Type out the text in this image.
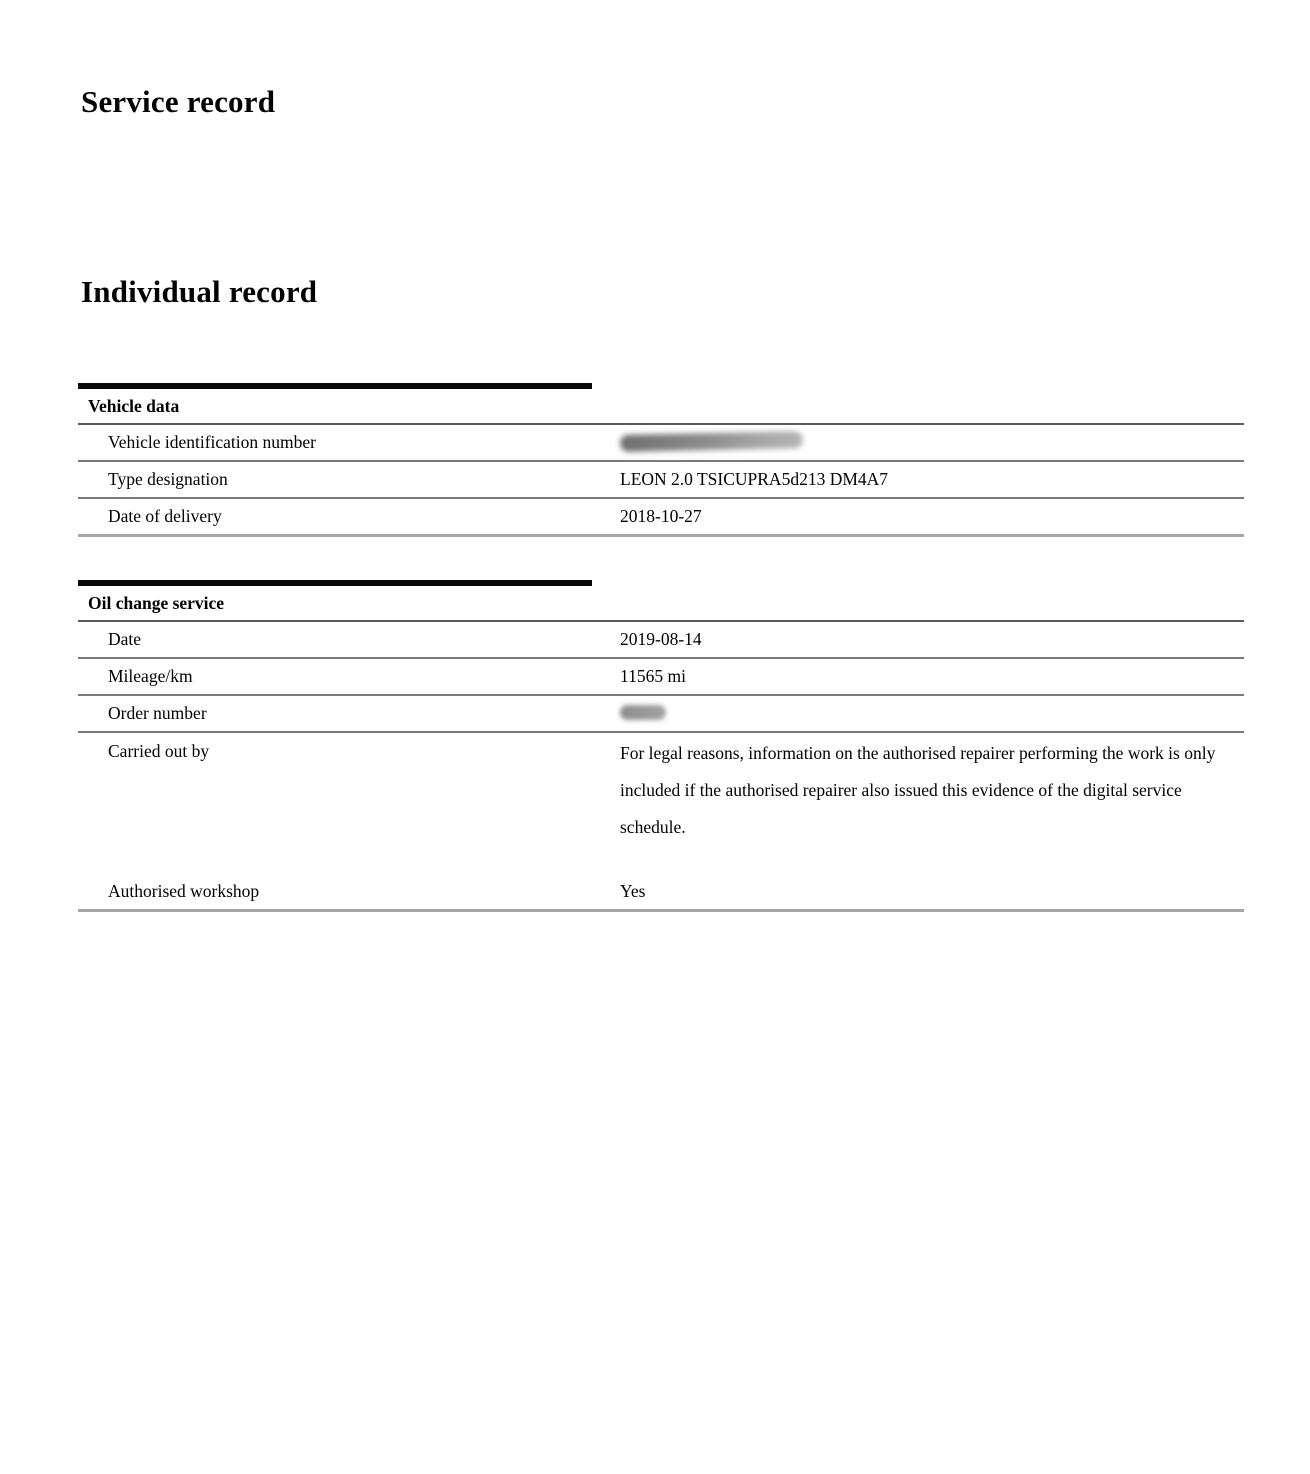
Service record
Individual record
Vehicle data
Vehicle identification number
Type designation	LEON 2.0 TSICUPRA5d213 DM4A7
Date of delivery	2018-10-27
Oil change service
Date	2019-08-14
Mileage/km	11565 mi
Order number
Carried out by	For legal reasons, information on the authorised repairer performing the work is only included if the authorised repairer also issued this evidence of the digital service schedule.

Authorised workshop	Yes
